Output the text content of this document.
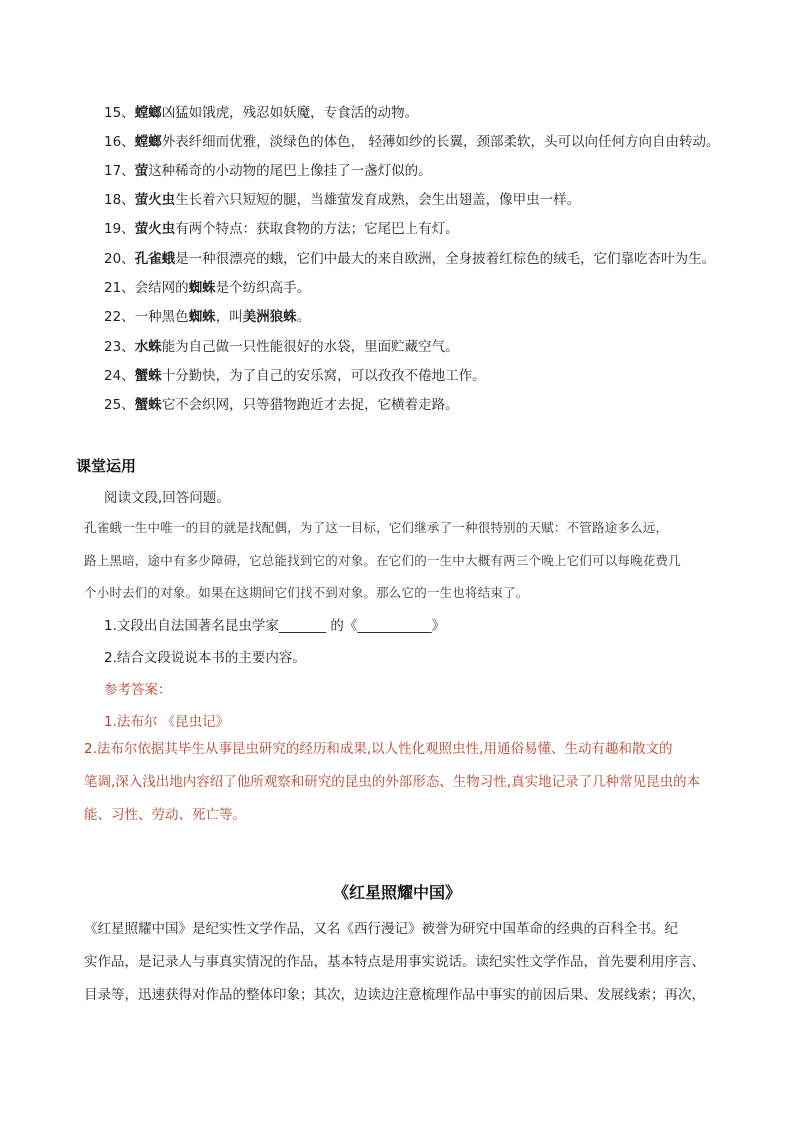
15、螳螂凶猛如饿虎，残忍如妖魔，专食活的动物。
16、螳螂外表纤细而优雅，淡绿色的体色， 轻薄如纱的长翼，颈部柔软，头可以向任何方向自由转动。
17、萤这种稀奇的小动物的尾巴上像挂了一盏灯似的。
18、萤火虫生长着六只短短的腿，当雄萤发育成熟，会生出翅盖，像甲虫一样。
19、萤火虫有两个特点：获取食物的方法；它尾巴上有灯。
20、孔雀蛾是一种很漂亮的蛾，它们中最大的来自欧洲，全身披着红棕色的绒毛，它们靠吃杏叶为生。
21、会结网的蜘蛛是个纺织高手。
22、一种黑色蜘蛛，叫美洲狼蛛。
23、水蛛能为自己做一只性能很好的水袋，里面贮藏空气。
24、蟹蛛十分勤快，为了自己的安乐窝，可以孜孜不倦地工作。
25、蟹蛛它不会织网，只等猎物跑近才去捉，它横着走路。
课堂运用
阅读文段,回答问题。
孔雀蛾一生中唯一的目的就是找配偶，为了这一目标，它们继承了一种很特别的天赋：不管路途多么远，
路上黑暗，途中有多少障碍，它总能找到它的对象。在它们的一生中大概有两三个晚上它们可以每晚花费几
个小时去们的对象。如果在这期间它们找不到对象。那么它的一生也将结束了。
1.文段出自法国著名昆虫学家_______ 的《___________》
2.结合文段说说本书的主要内容。
参考答案：
1.法布尔 《昆虫记》

2.法布尔依据其毕生从事昆虫研究的经历和成果,以人性化观照虫性,用通俗易懂、生动有趣和散文的

笔调,深入浅出地内容绍了他所观察和研究的昆虫的外部形态、生物习性,真实地记录了几种常见昆虫的本

能、习性、劳动、死亡等。

《红星照耀中国》

《红星照耀中国》是纪实性文学作品，又名《西行漫记》被誉为研究中国革命的经典的百科全书。纪

实作品，是记录人与事真实情况的作品，基本特点是用事实说话。读纪实性文学作品，首先要利用序言、

目录等，迅速获得对作品的整体印象；其次，边读边注意梳理作品中事实的前因后果、发展线索；再次，
